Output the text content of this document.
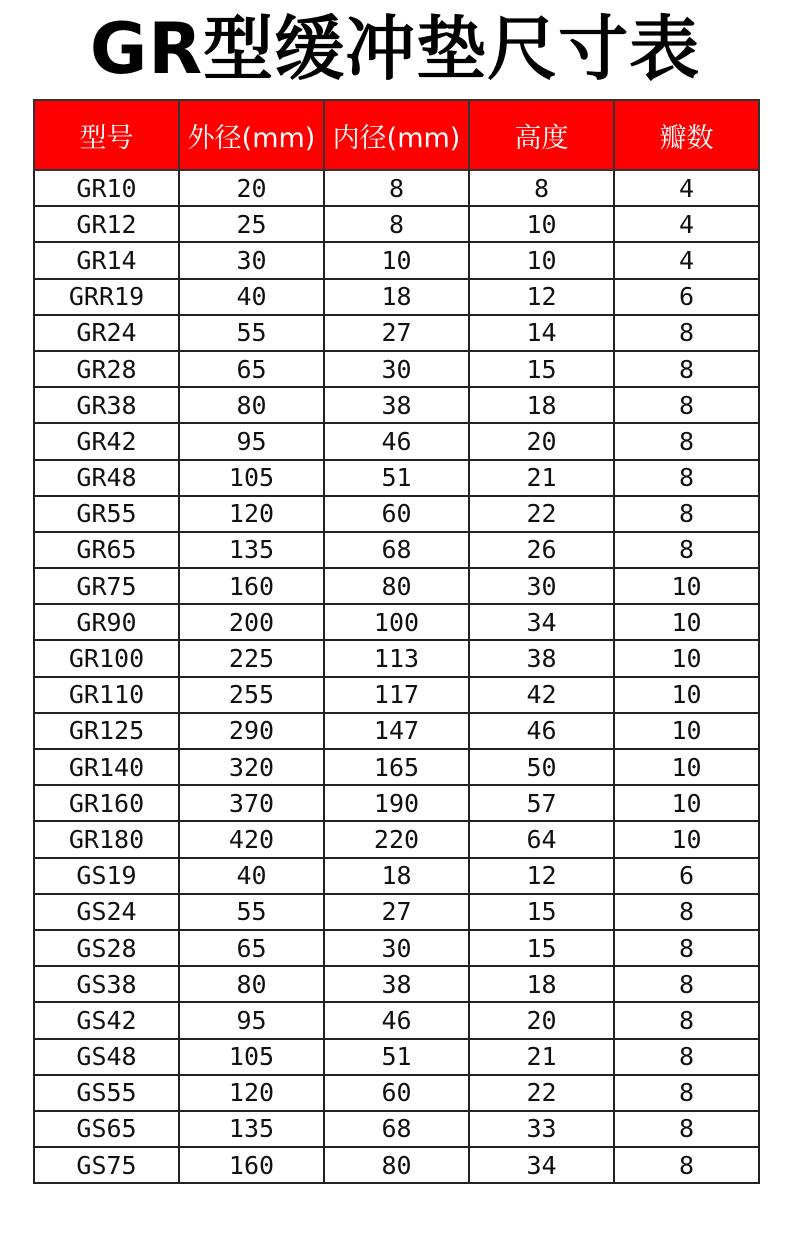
GR型缓冲垫尺寸表
型号	外径(mm)	内径(mm)	高度	瓣数
GR10	20	8	8	4
GR12	25	8	10	4
GR14	30	10	10	4
GRR19	40	18	12	6
GR24	55	27	14	8
GR28	65	30	15	8
GR38	80	38	18	8
GR42	95	46	20	8
GR48	105	51	21	8
GR55	120	60	22	8
GR65	135	68	26	8
GR75	160	80	30	10
GR90	200	100	34	10
GR100	225	113	38	10
GR110	255	117	42	10
GR125	290	147	46	10
GR140	320	165	50	10
GR160	370	190	57	10
GR180	420	220	64	10
GS19	40	18	12	6
GS24	55	27	15	8
GS28	65	30	15	8
GS38	80	38	18	8
GS42	95	46	20	8
GS48	105	51	21	8
GS55	120	60	22	8
GS65	135	68	33	8
GS75	160	80	34	8
